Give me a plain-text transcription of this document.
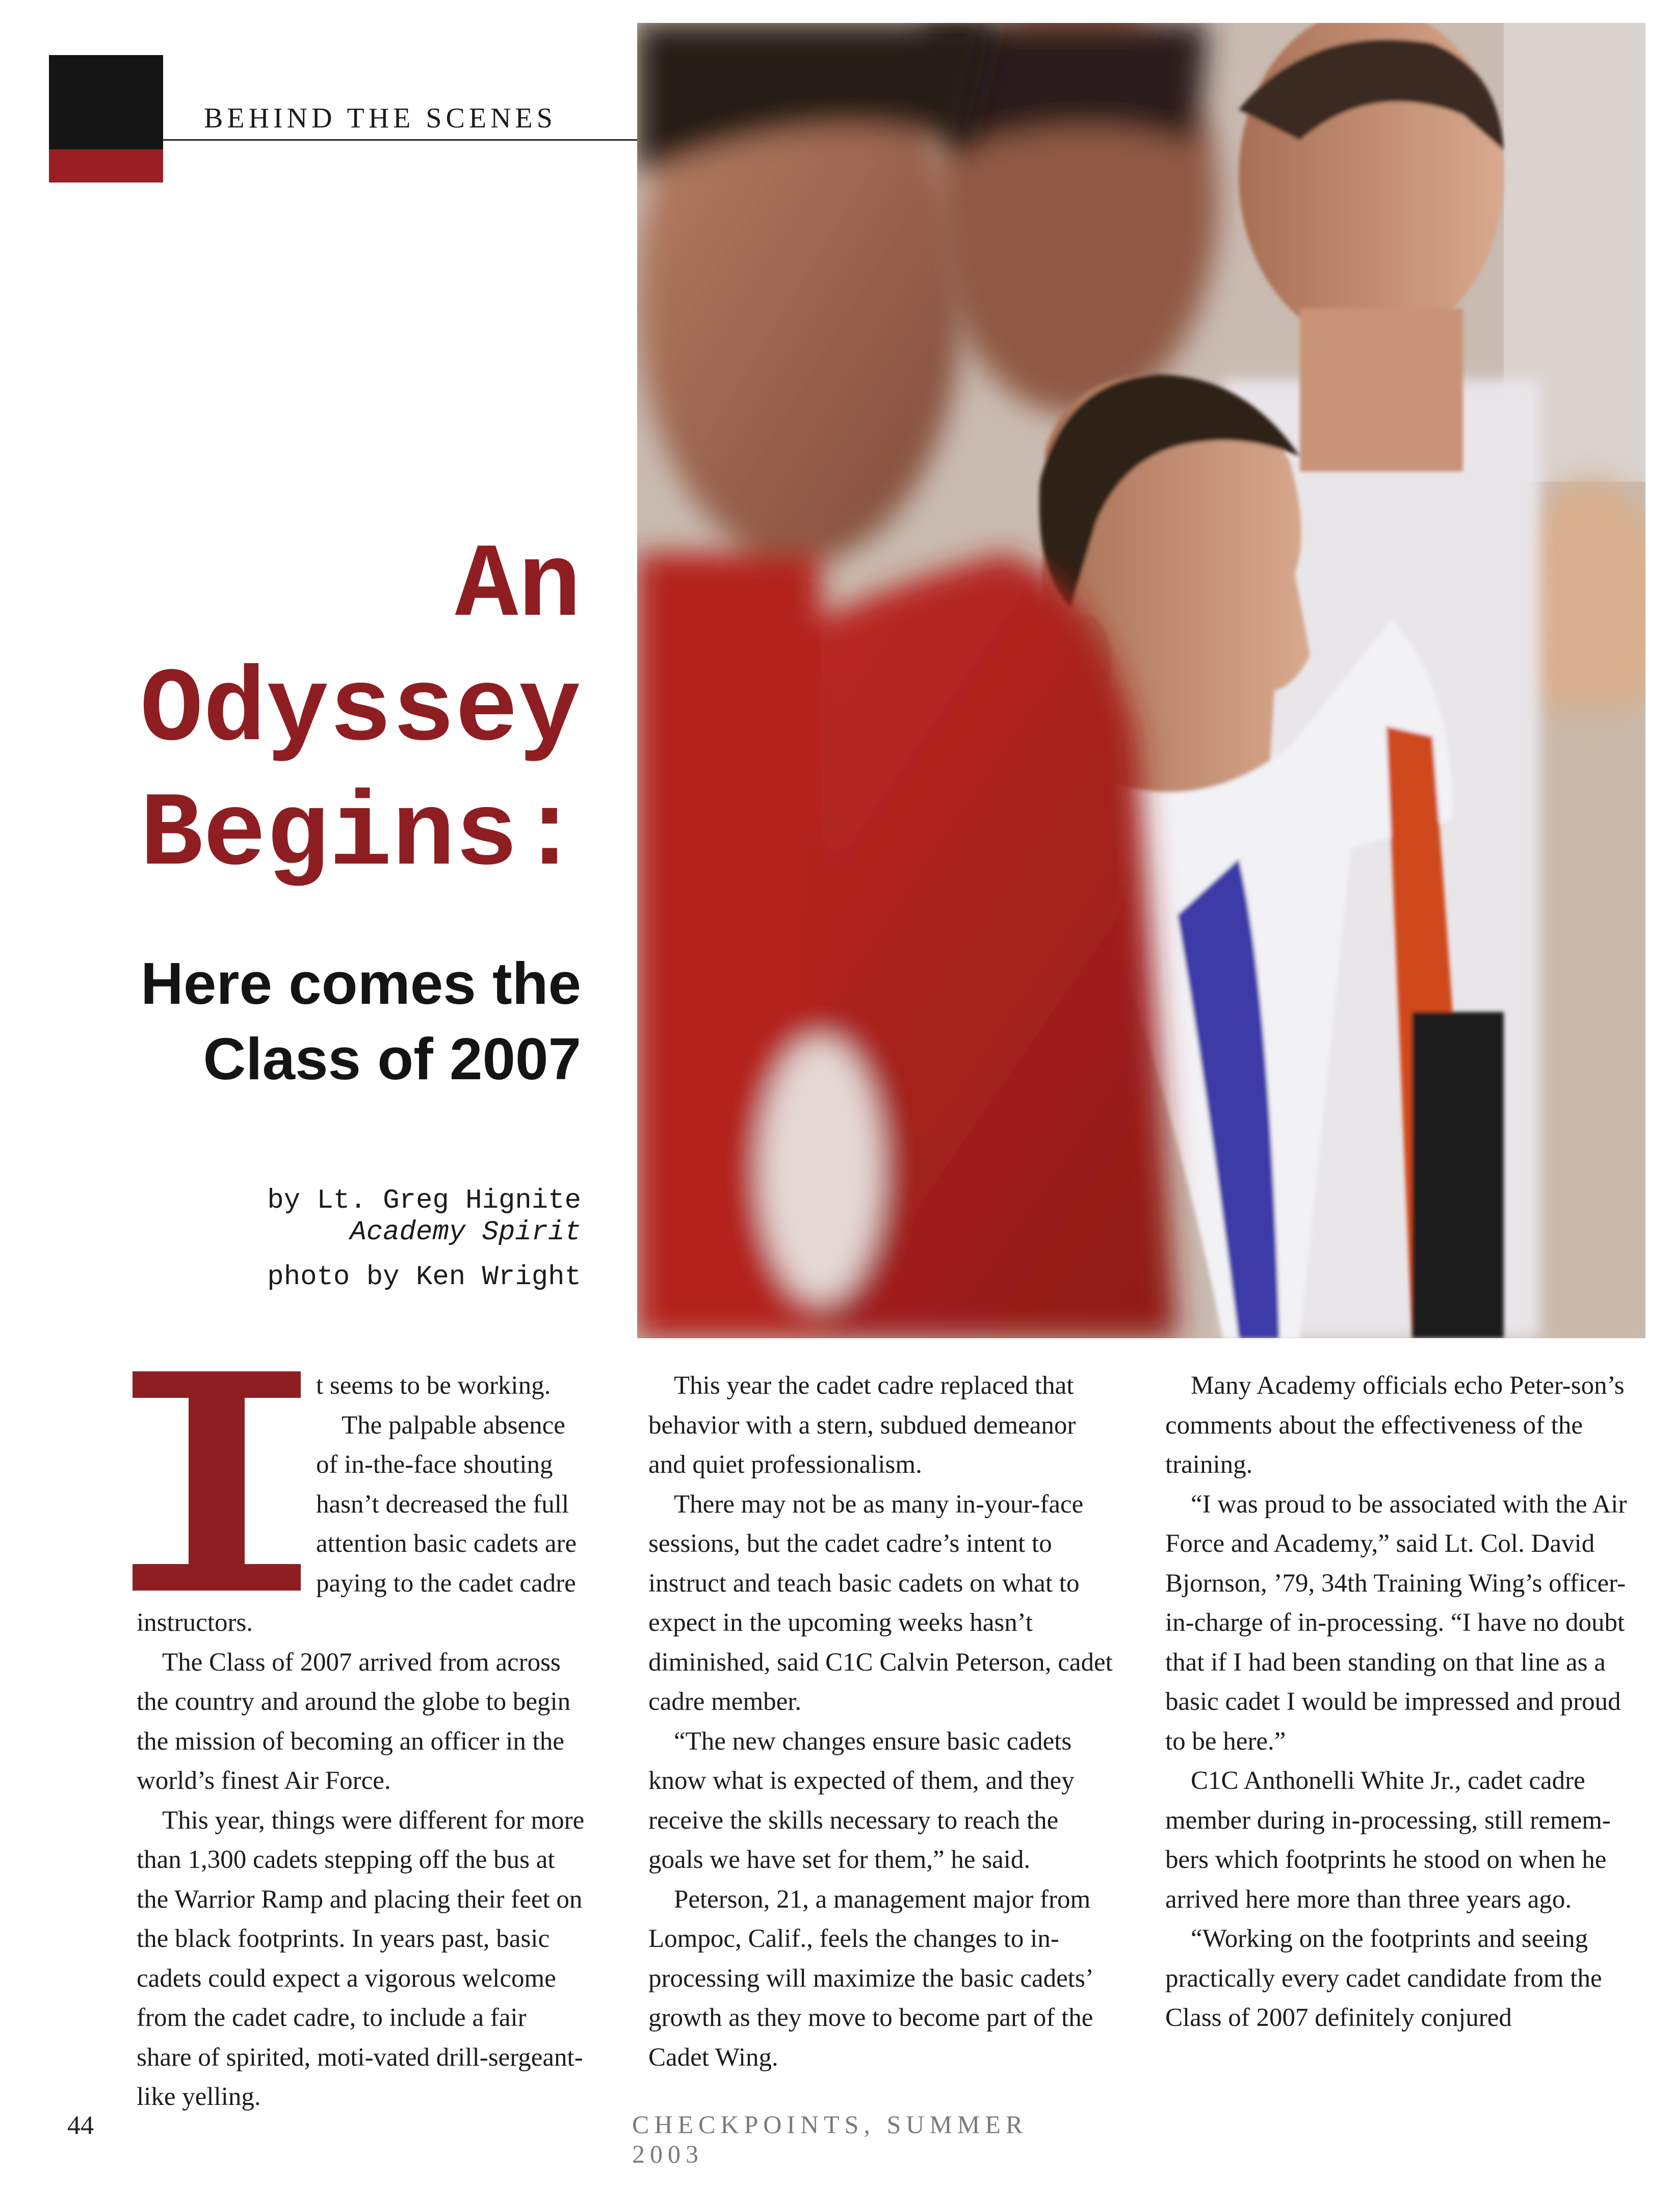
BEHIND THE SCENES
An
Odyssey
Begins:
Here comes the
Class of 2007
by Lt. Greg Hignite
Academy Spirit
photo by Ken Wright

t seems to be working.

The palpable absence of in-the-face shouting hasn’t decreased the full attention basic cadets are paying to the cadet cadre instructors.

The Class of 2007 arrived from across the country and around the globe to begin the mission of becoming an officer in the world’s finest Air Force.

This year, things were different for more than 1,300 cadets stepping off the bus at the Warrior Ramp and placing their feet on the black footprints. In years past, basic cadets could expect a vigorous welcome from the cadet cadre, to include a fair share of spirited, moti-vated drill-sergeant-like yelling.

This year the cadet cadre replaced that behavior with a stern, subdued demeanor and quiet professionalism.

There may not be as many in-your-face sessions, but the cadet cadre’s intent to instruct and teach basic cadets on what to expect in the upcoming weeks hasn’t diminished, said C1C Calvin Peterson, cadet cadre member.

“The new changes ensure basic cadets know what is expected of them, and they receive the skills necessary to reach the goals we have set for them,” he said.

Peterson, 21, a management major from Lompoc, Calif., feels the changes to in-processing will maximize the basic cadets’ growth as they move to become part of the Cadet Wing.

Many Academy officials echo Peter-son’s comments about the effectiveness of the training.

“I was proud to be associated with the Air Force and Academy,” said Lt. Col. David Bjornson, ’79, 34th Training Wing’s officer-in-charge of in-processing. “I have no doubt that if I had been standing on that line as a basic cadet I would be impressed and proud to be here.”

C1C Anthonelli White Jr., cadet cadre member during in-processing, still remem-bers which footprints he stood on when he arrived here more than three years ago.

“Working on the footprints and seeing practically every cadet candidate from the Class of 2007 definitely conjured

44	CHECKPOINTS, SUMMER 2003
